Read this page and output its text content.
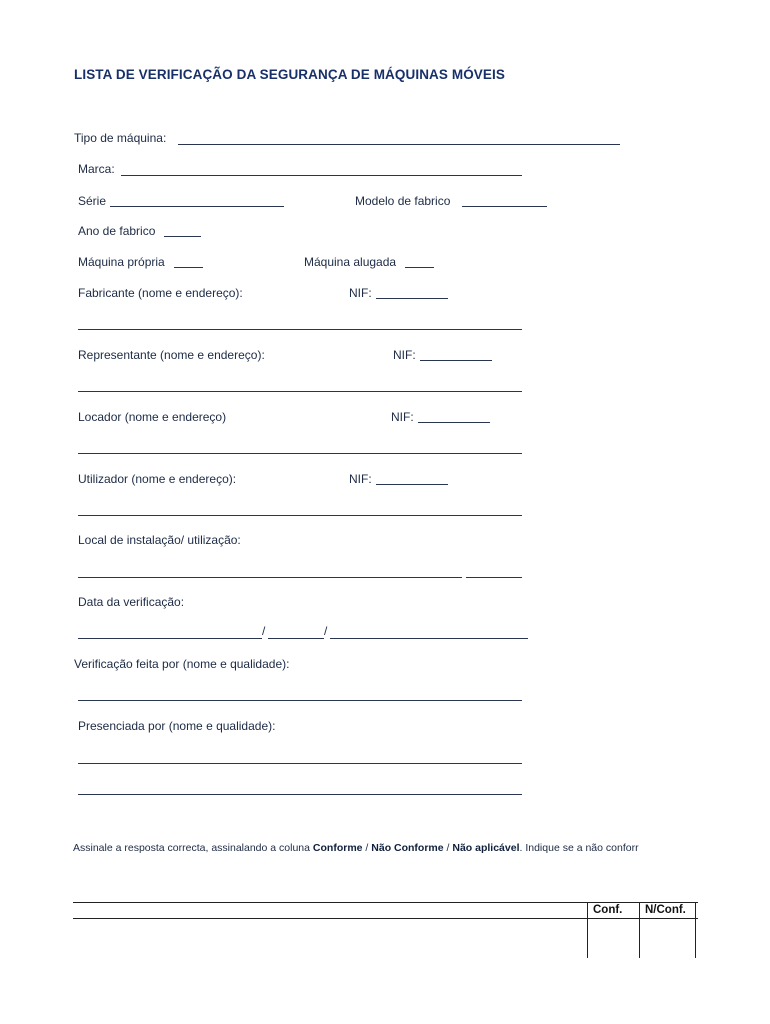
LISTA DE VERIFICAÇÃO DA SEGURANÇA DE MÁQUINAS MÓVEIS
Tipo de máquina:
Marca:
Série	Modelo de fabrico
Ano de fabrico
Máquina própria	Máquina alugada
Fabricante (nome e endereço):	NIF:
Representante (nome e endereço):	NIF:
Locador (nome e endereço)	NIF:
Utilizador (nome e endereço):	NIF:
Local de instalação/ utilização:
Data da verificação:
/	/
Verificação feita por (nome e qualidade):
Presenciada por (nome e qualidade):
Assinale a resposta correcta, assinalando a coluna Conforme / Não Conforme / Não aplicável. Indique se a não conforr
Conf. N/Conf.
